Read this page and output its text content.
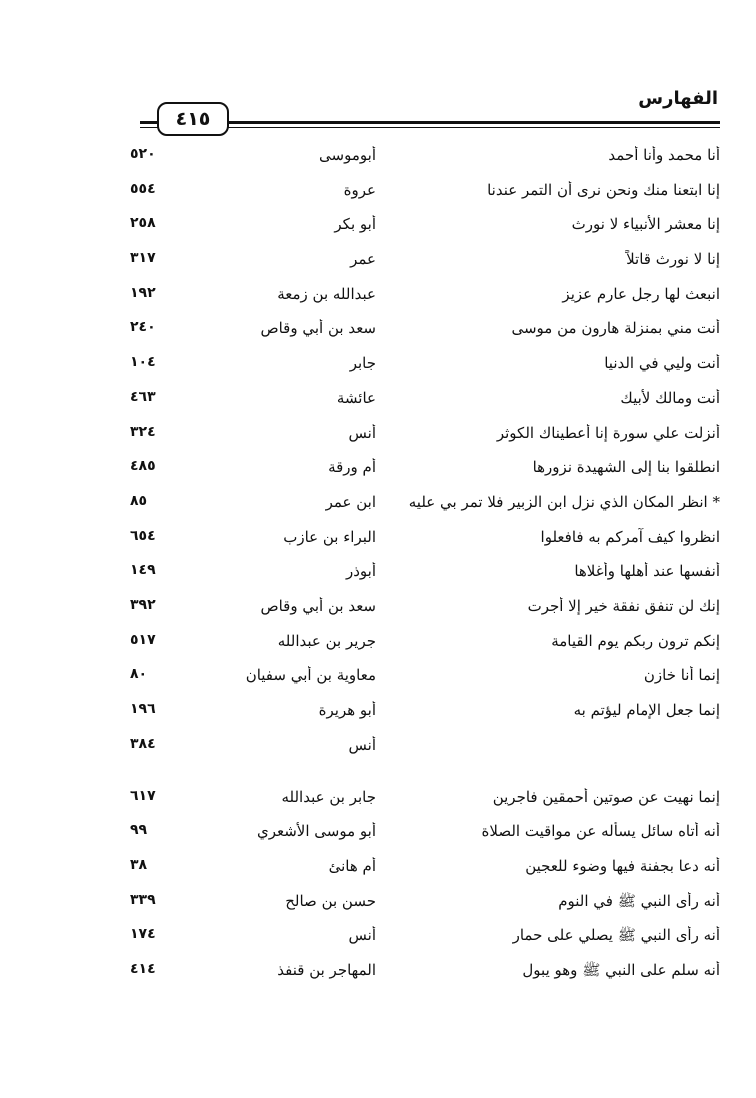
الفهارس
٤١٥
أنا محمد وأنا أحمد
أبوموسى
٥٢٠
إنا ابتعنا منك ونحن نرى أن التمر عندنا
عروة
٥٥٤
إنا معشر الأنبياء لا نورث
أبو بكر
٢٥٨
إنا لا نورث قاتلاً
عمر
٣١٧
انبعث لها رجل عارم عزيز
عبدالله بن زمعة
١٩٢
أنت مني بمنزلة هارون من موسى
سعد بن أبي وقاص
٢٤٠
أنت وليي في الدنيا
جابر
١٠٤
أنت ومالك لأبيك
عائشة
٤٦٣
أنزلت علي سورة إنا أعطيناك الكوثر
أنس
٣٢٤
انطلقوا بنا إلى الشهيدة نزورها
أم ورقة
٤٨٥
* انظر المكان الذي نزل ابن الزبير فلا تمر بي عليه
ابن عمر
٨٥
انظروا كيف آمركم به فافعلوا
البراء بن عازب
٦٥٤
أنفسها عند أهلها وأغلاها
أبوذر
١٤٩
إنك لن تنفق نفقة خير إلا أجرت
سعد بن أبي وقاص
٣٩٢
إنكم ترون ربكم يوم القيامة
جرير بن عبدالله
٥١٧
إنما أنا خازن
معاوية بن أبي سفيان
٨٠
إنما جعل الإمام ليؤتم به
أبو هريرة
١٩٦
أنس
٣٨٤
إنما نهيت عن صوتين أحمقين فاجرين
جابر بن عبدالله
٦١٧
أنه أتاه سائل يسأله عن مواقيت الصلاة
أبو موسى الأشعري
٩٩
أنه دعا بجفنة فيها وضوء للعجين
أم هانئ
٣٨
أنه رأى النبي ﷺ في النوم
حسن بن صالح
٣٣٩
أنه رأى النبي ﷺ يصلي على حمار
أنس
١٧٤
أنه سلم على النبي ﷺ وهو يبول
المهاجر بن قنفذ
٤١٤
